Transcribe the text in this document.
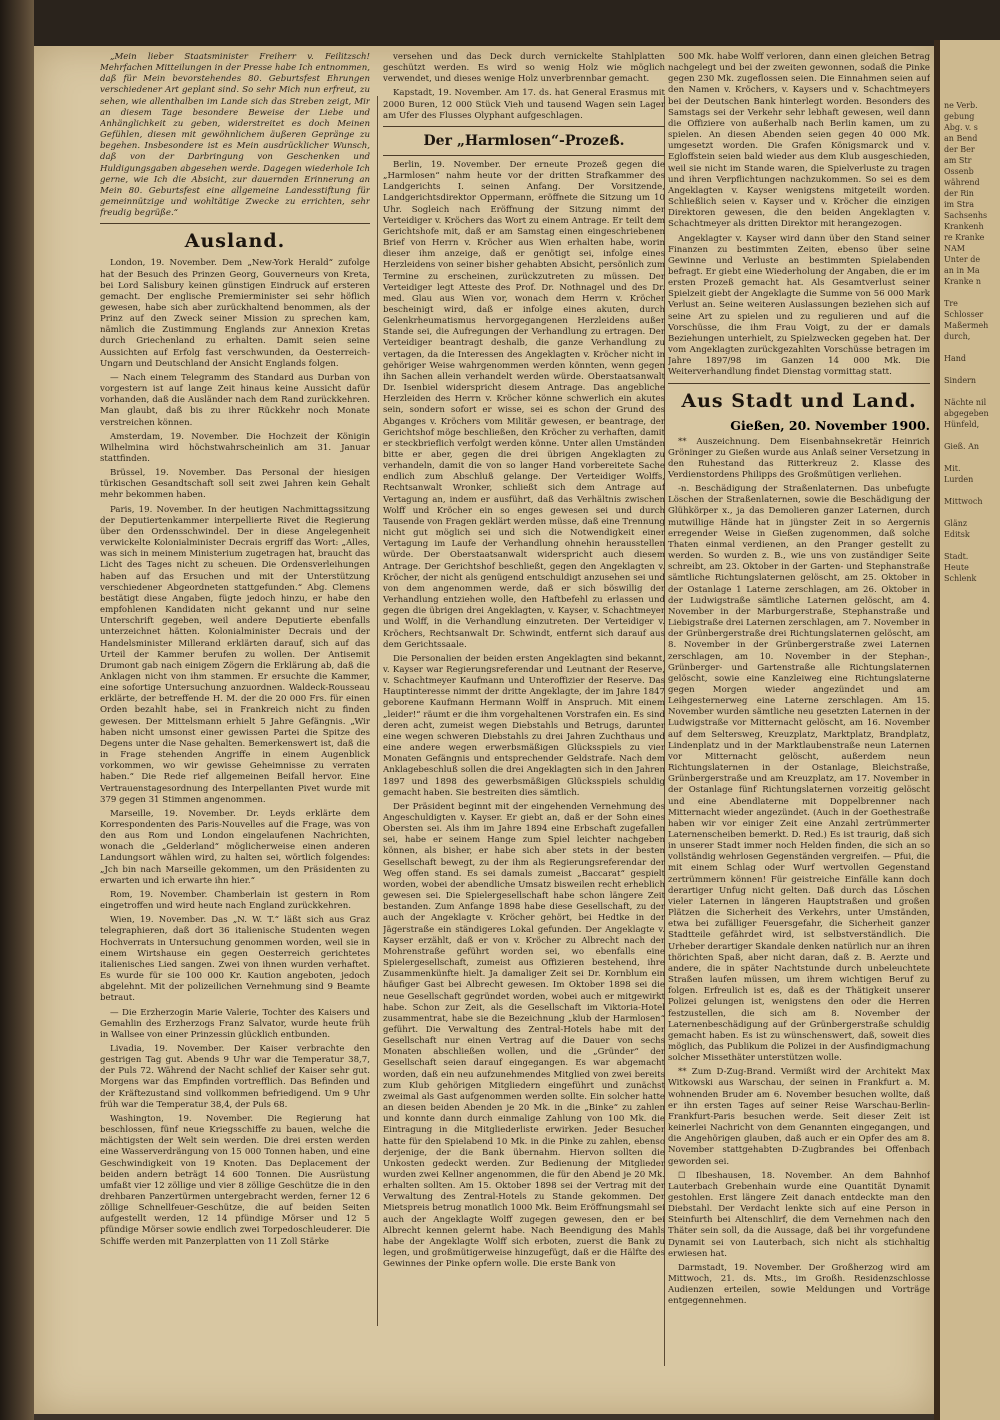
„Mein lieber Staatsminister Freiherr v. Feilitzsch! Mehrfachen Mitteilungen in der Presse habe Ich entnommen, daß für Mein bevorstehendes 80. Geburtsfest Ehrungen verschiedener Art geplant sind. So sehr Mich nun erfreut, zu sehen, wie allenthalben im Lande sich das Streben zeigt, Mir an diesem Tage besondere Beweise der Liebe und Anhänglichkeit zu geben, widerstreitet es doch Meinen Gefühlen, diesen mit gewöhnlichem äußeren Gepränge zu begehen. Insbesondere ist es Mein ausdrücklicher Wunsch, daß von der Darbringung von Geschenken und Huldigungsgaben abgesehen werde. Dagegen wiederhole Ich gerne, wie Ich die Absicht, zur dauernden Erinnerung an Mein 80. Geburtsfest eine allgemeine Landesstiftung für gemeinnützige und wohltätige Zwecke zu errichten, sehr freudig begrüße.“

Ausland.

London, 19. November. Dem „New-York Herald“ zufolge hat der Besuch des Prinzen Georg, Gouverneurs von Kreta, bei Lord Salisbury keinen günstigen Eindruck auf ersteren gemacht. Der englische Premierminister sei sehr höflich gewesen, habe sich aber zurückhaltend benommen, als der Prinz auf den Zweck seiner Mission zu sprechen kam, nämlich die Zustimmung Englands zur Annexion Kretas durch Griechenland zu erhalten. Damit seien seine Aussichten auf Erfolg fast verschwunden, da Oesterreich-Ungarn und Deutschland der Ansicht Englands folgen.

— Nach einem Telegramm des Standard aus Durban von vorgestern ist auf lange Zeit hinaus keine Aussicht dafür vorhanden, daß die Ausländer nach dem Rand zurückkehren. Man glaubt, daß bis zu ihrer Rückkehr noch Monate verstreichen können.

Amsterdam, 19. November. Die Hochzeit der Königin Wilhelmina wird höchstwahrscheinlich am 31. Januar stattfinden.

Brüssel, 19. November. Das Personal der hiesigen türkischen Gesandtschaft soll seit zwei Jahren kein Gehalt mehr bekommen haben.

Paris, 19. November. In der heutigen Nachmittagssitzung der Deputiertenkammer interpellierte Rivet die Regierung über den Ordensschwindel. Der in diese Angelegenheit verwickelte Kolonialminister Decrais ergriff das Wort: „Alles, was sich in meinem Ministerium zugetragen hat, braucht das Licht des Tages nicht zu scheuen. Die Ordensverleihungen haben auf das Ersuchen und mit der Unterstützung verschiedener Abgeordneten stattgefunden.“ Abg. Clemens bestätigt diese Angaben, fügte jedoch hinzu, er habe den empfohlenen Kandidaten nicht gekannt und nur seine Unterschrift gegeben, weil andere Deputierte ebenfalls unterzeichnet hätten. Kolonialminister Decrais und der Handelsminister Millerand erklärten darauf, sich auf das Urteil der Kammer berufen zu wollen. Der Antisemit Drumont gab nach einigem Zögern die Erklärung ab, daß die Anklagen nicht von ihm stammen. Er ersuchte die Kammer, eine sofortige Untersuchung anzuordnen. Waldeck-Rousseau erklärte, der betreffende H. M. der die 20 000 Frs. für einen Orden bezahlt habe, sei in Frankreich nicht zu finden gewesen. Der Mittelsmann erhielt 5 Jahre Gefängnis. „Wir haben nicht umsonst einer gewissen Partei die Spitze des Degens unter die Nase gehalten. Bemerkenswert ist, daß die in Frage stehenden Angriffe in einem Augenblick vorkommen, wo wir gewisse Geheimnisse zu verraten haben.“ Die Rede rief allgemeinen Beifall hervor. Eine Vertrauenstagesordnung des Interpellanten Pivet wurde mit 379 gegen 31 Stimmen angenommen.

Marseille, 19. November. Dr. Leyds erklärte dem Korrespondenten des Paris-Nouvelles auf die Frage, was von den aus Rom und London eingelaufenen Nachrichten, wonach die „Gelderland“ möglicherweise einen anderen Landungsort wählen wird, zu halten sei, wörtlich folgendes: „Jch bin nach Marseille gekommen, um den Präsidenten zu erwarten und ich erwarte ihn hier.“

Rom, 19. November. Chamberlain ist gestern in Rom eingetroffen und wird heute nach England zurückkehren.

Wien, 19. November. Das „N. W. T.“ läßt sich aus Graz telegraphieren, daß dort 36 italienische Studenten wegen Hochverrats in Untersuchung genommen worden, weil sie in einem Wirtshause ein gegen Oesterreich gerichtetes italienisches Lied sangen. Zwei von ihnen wurden verhaftet. Es wurde für sie 100 000 Kr. Kaution angeboten, jedoch abgelehnt. Mit der polizeilichen Vernehmung sind 9 Beamte betraut.

— Die Erzherzogin Marie Valerie, Tochter des Kaisers und Gemahlin des Erzherzogs Franz Salvator, wurde heute früh in Wallsee von einer Prinzessin glücklich entbunden.

Livadia, 19. November. Der Kaiser verbrachte den gestrigen Tag gut. Abends 9 Uhr war die Temperatur 38,7, der Puls 72. Während der Nacht schlief der Kaiser sehr gut. Morgens war das Empfinden vortrefflich. Das Befinden und der Kräftezustand sind vollkommen befriedigend. Um 9 Uhr früh war die Temperatur 38,4, der Puls 68.

Washington, 19. November. Die Regierung hat beschlossen, fünf neue Kriegsschiffe zu bauen, welche die mächtigsten der Welt sein werden. Die drei ersten werden eine Wasserverdrängung von 15 000 Tonnen haben, und eine Geschwindigkeit von 19 Knoten. Das Deplacement der beiden andern beträgt 14 600 Tonnen. Die Ausrüstung umfaßt vier 12 zöllige und vier 8 zöllige Geschütze die in den drehbaren Panzertürmen untergebracht werden, ferner 12 6 zöllige Schnellfeuer-Geschütze, die auf beiden Seiten aufgestellt werden, 12 14 pfündige Mörser und 12 5 pfündige Mörser sowie endlich zwei Torpedoschleuderer. Die Schiffe werden mit Panzerplatten von 11 Zoll Stärke

versehen und das Deck durch vernickelte Stahlplatten geschützt werden. Es wird so wenig Holz wie möglich verwendet, und dieses wenige Holz unverbrennbar gemacht.

Kapstadt, 19. November. Am 17. ds. hat General Erasmus mit 2000 Buren, 12 000 Stück Vieh und tausend Wagen sein Lager am Ufer des Flusses Olyphant aufgeschlagen.

Der „Harmlosen“-Prozeß.

Berlin, 19. November. Der erneute Prozeß gegen die „Harmlosen“ nahm heute vor der dritten Strafkammer des Landgerichts I. seinen Anfang. Der Vorsitzende, Landgerichtsdirektor Oppermann, eröffnete die Sitzung um 10 Uhr. Sogleich nach Eröffnung der Sitzung nimmt der Verteidiger v. Kröchers das Wort zu einem Antrage. Er teilt dem Gerichtshofe mit, daß er am Samstag einen eingeschriebenen Brief von Herrn v. Kröcher aus Wien erhalten habe, worin dieser ihm anzeige, daß er genötigt sei, infolge eines Herzleidens von seiner bisher gehabten Absicht, persönlich zum Termine zu erscheinen, zurückzutreten zu müssen. Der Verteidiger legt Atteste des Prof. Dr. Nothnagel und des Dr. med. Glau aus Wien vor, wonach dem Herrn v. Kröcher bescheinigt wird, daß er infolge eines akuten, durch Gelenkrheumatismus hervorgegangenen Herzleidens außer Stande sei, die Aufregungen der Verhandlung zu ertragen. Der Verteidiger beantragt deshalb, die ganze Verhandlung zu vertagen, da die Interessen des Angeklagten v. Kröcher nicht in gehöriger Weise wahrgenommen werden könnten, wenn gegen ihn Sachen allein verhandelt werden würde. Oberstaatsanwalt Dr. Isenbiel widerspricht diesem Antrage. Das angebliche Herzleiden des Herrn v. Kröcher könne schwerlich ein akutes sein, sondern sofort er wisse, sei es schon der Grund des Abganges v. Kröchers vom Militär gewesen, er beantrage, der Gerichtshof möge beschließen, den Kröcher zu verhaften, damit er steckbrieflich verfolgt werden könne. Unter allen Umständen bitte er aber, gegen die drei übrigen Angeklagten zu verhandeln, damit die von so langer Hand vorbereitete Sache endlich zum Abschluß gelange. Der Verteidiger Wolffs, Rechtsanwalt Wronker, schließt sich dem Antrage auf Vertagung an, indem er ausführt, daß das Verhältnis zwischen Wolff und Kröcher ein so enges gewesen sei und durch Tausende von Fragen geklärt werden müsse, daß eine Trennung nicht gut möglich sei und sich die Notwendigkeit einer Vertagung im Laufe der Verhandlung ohnehin herausstellen würde. Der Oberstaatsanwalt widerspricht auch diesem Antrage. Der Gerichtshof beschließt, gegen den Angeklagten v. Kröcher, der nicht als genügend entschuldigt anzusehen sei und von dem angenommen werde, daß er sich böswillig der Verhandlung entziehen wolle, den Haftbefehl zu erlassen und gegen die übrigen drei Angeklagten, v. Kayser, v. Schachtmeyer und Wolff, in die Verhandlung einzutreten. Der Verteidiger v. Kröchers, Rechtsanwalt Dr. Schwindt, entfernt sich darauf aus dem Gerichtssaale.

Die Personalien der beiden ersten Angeklagten sind bekannt, v. Kayser war Regierungsreferendar und Leutnant der Reserve, v. Schachtmeyer Kaufmann und Unteroffizier der Reserve. Das Hauptinteresse nimmt der dritte Angeklagte, der im Jahre 1847 geborene Kaufmann Hermann Wolff in Anspruch. Mit einem „leider!“ räumt er die ihm vorgehaltenen Vorstrafen ein. Es sind deren acht, zumeist wegen Diebstahls und Betrugs, darunter eine wegen schweren Diebstahls zu drei Jahren Zuchthaus und eine andere wegen erwerbsmäßigen Glücksspiels zu vier Monaten Gefängnis und entsprechender Geldstrafe. Nach dem Anklagebeschluß sollen die drei Angeklagten sich in den Jahren 1897 und 1898 des gewerbsmäßigen Glücksspiels schuldig gemacht haben. Sie bestreiten dies sämtlich.

Der Präsident beginnt mit der eingehenden Vernehmung des Angeschuldigten v. Kayser. Er giebt an, daß er der Sohn eines Obersten sei. Als ihm im Jahre 1894 eine Erbschaft zugefallen sei, habe er seinem Hange zum Spiel leichter nachgeben können, als bisher, er habe sich aber stets in der besten Gesellschaft bewegt, zu der ihm als Regierungsreferendar der Weg offen stand. Es sei damals zumeist „Baccarat“ gespielt worden, wobei der abendliche Umsatz bisweilen recht erheblich gewesen sei. Die Spielergesellschaft habe schon längere Zeit bestanden. Zum Anfange 1898 habe diese Gesellschaft, zu der auch der Angeklagte v. Kröcher gehört, bei Hedtke in der Jägerstraße ein ständigeres Lokal gefunden. Der Angeklagte v. Kayser erzählt, daß er von v. Kröcher zu Albrecht nach der Mohrenstraße geführt worden sei, wo ebenfalls eine Spielergesellschaft, zumeist aus Offizieren bestehend, ihre Zusammenkünfte hielt. Ja damaliger Zeit sei Dr. Kornblum ein häufiger Gast bei Albrecht gewesen. Im Oktober 1898 sei die neue Gesellschaft gegründet worden, wobei auch er mitgewirkt habe. Schon zur Zeit, als die Gesellschaft im Viktoria-Hotel zusammentrat, habe sie die Bezeichnung „klub der Harmlosen“ geführt. Die Verwaltung des Zentral-Hotels habe mit der Gesellschaft nur einen Vertrag auf die Dauer von sechs Monaten abschließen wollen, und die „Gründer“ der Gesellschaft seien darauf eingegangen. Es war abgemacht worden, daß ein neu aufzunehmendes Mitglied von zwei bereits zum Klub gehörigen Mitgliedern eingeführt und zunächst zweimal als Gast aufgenommen werden sollte. Ein solcher hatte an diesen beiden Abenden je 20 Mk. in die „Binke“ zu zahlen und konnte dann durch einmalige Zahlung von 100 Mk. die Eintragung in die Mitgliederliste erwirken. Jeder Besucher hatte für den Spielabend 10 Mk. in die Pinke zu zahlen, ebenso derjenige, der die Bank übernahm. Hiervon sollten die Unkosten gedeckt werden. Zur Bedienung der Mitglieder wurden zwei Kellner angenommen, die für den Abend je 20 Mk. erhalten sollten. Am 15. Oktober 1898 sei der Vertrag mit der Verwaltung des Zentral-Hotels zu Stande gekommen. Der Mietspreis betrug monatlich 1000 Mk. Beim Eröffnungsmahl sei auch der Angeklagte Wolff zugegen gewesen, den er bei Albrecht kennen gelernt habe. Nach Beendigung des Mahls habe der Angeklagte Wolff sich erboten, zuerst die Bank zu legen, und großmütigerweise hinzugefügt, daß er die Hälfte des Gewinnes der Pinke opfern wolle. Die erste Bank von

500 Mk. habe Wolff verloren, dann einen gleichen Betrag nachgelegt und bei der zweiten gewonnen, sodaß die Pinke gegen 230 Mk. zugeflossen seien. Die Einnahmen seien auf den Namen v. Kröchers, v. Kaysers und v. Schachtmeyers bei der Deutschen Bank hinterlegt worden. Besonders des Samstags sei der Verkehr sehr lebhaft gewesen, weil dann die Offiziere von außerhalb nach Berlin kamen, um zu spielen. An diesen Abenden seien gegen 40 000 Mk. umgesetzt worden. Die Grafen Königsmarck und v. Egloffstein seien bald wieder aus dem Klub ausgeschieden, weil sie nicht im Stande waren, die Spielverluste zu tragen und ihren Verpflichtungen nachzukommen. So sei es dem Angeklagten v. Kayser wenigstens mitgeteilt worden. Schließlich seien v. Kayser und v. Kröcher die einzigen Direktoren gewesen, die den beiden Angeklagten v. Schachtmeyer als dritten Direktor mit herangezogen.

Angeklagter v. Kayser wird dann über den Stand seiner Finanzen zu bestimmten Zeiten, ebenso über seine Gewinne und Verluste an bestimmten Spielabenden befragt. Er giebt eine Wiederholung der Angaben, die er im ersten Prozeß gemacht hat. Als Gesamtverlust seiner Spielzeit giebt der Angeklagte die Summe von 56 000 Mark Verlust an. Seine weiteren Auslassungen beziehen sich auf seine Art zu spielen und zu regulieren und auf die Vorschüsse, die ihm Frau Voigt, zu der er damals Beziehungen unterhielt, zu Spielzwecken gegeben hat. Der vom Angeklagten zurückgezahlten Vorschüsse betragen im Jahre 1897/98 im Ganzen 14 000 Mk. Die Weiterverhandlung findet Dienstag vormittag statt.

Aus Stadt und Land.
Gießen, 20. November 1900.

** Auszeichnung. Dem Eisenbahnsekretär Heinrich Gröninger zu Gießen wurde aus Anlaß seiner Versetzung in den Ruhestand das Ritterkreuz 2. Klasse des Verdienstordens Philipps des Großmütigen verliehen.

-n. Beschädigung der Straßenlaternen. Das unbefugte Löschen der Straßenlaternen, sowie die Beschädigung der Glühkörper x., ja das Demolieren ganzer Laternen, durch mutwillige Hände hat in jüngster Zeit in so Aergernis erregender Weise in Gießen zugenommen, daß solche Thaten einmal verdienen, an den Pranger gestellt zu werden. So wurden z. B., wie uns von zuständiger Seite schreibt, am 23. Oktober in der Garten- und Stephanstraße sämtliche Richtungslaternen gelöscht, am 25. Oktober in der Ostanlage 1 Laterne zerschlagen, am 26. Oktober in der Ludwigstraße sämtliche Laternen gelöscht, am 4. November in der Marburgerstraße, Stephanstraße und Liebigstraße drei Laternen zerschlagen, am 7. November in der Grünbergerstraße drei Richtungslaternen gelöscht, am 8. November in der Grünbergerstraße zwei Laternen zerschlagen, am 10. November in der Stephan-, Grünberger- und Gartenstraße alle Richtungslaternen gelöscht, sowie eine Kanzleiweg eine Richtungslaterne gegen Morgen wieder angezündet und am Leihgesternerweg eine Laterne zerschlagen. Am 15. November wurden sämtliche neu gesetzten Laternen in der Ludwigstraße vor Mitternacht gelöscht, am 16. November auf dem Seltersweg, Kreuzplatz, Marktplatz, Brandplatz, Lindenplatz und in der Marktlaubenstraße neun Laternen vor Mitternacht gelöscht, außerdem neun Richtungslaternen in der Ostanlage, Bleichstraße, Grünbergerstraße und am Kreuzplatz, am 17. November in der Ostanlage fünf Richtungslaternen vorzeitig gelöscht und eine Abendlaterne mit Doppelbrenner nach Mitternacht wieder angezündet. (Auch in der Goethestraße haben wir vor einiger Zeit eine Anzahl zertrümmerter Laternenscheiben bemerkt. D. Red.) Es ist traurig, daß sich in unserer Stadt immer noch Helden finden, die sich an so vollständig wehrlosen Gegenständen vergreifen. — Pfui, die mit einem Schlag oder Wurf wertvollen Gegenstand zertrümmern können! Für geistreiche Einfälle kann doch derartiger Unfug nicht gelten. Daß durch das Löschen vieler Laternen in längeren Hauptstraßen und großen Plätzen die Sicherheit des Verkehrs, unter Umständen, etwa bei zufälliger Feuersgefahr, die Sicherheit ganzer Stadtteile gefährdet wird, ist selbstverständlich. Die Urheber derartiger Skandale denken natürlich nur an ihren thörichten Spaß, aber nicht daran, daß z. B. Aerzte und andere, die in später Nachtstunde durch unbeleuchtete Straßen laufen müssen, um ihrem wichtigen Beruf zu folgen. Erfreulich ist es, daß es der Thätigkeit unserer Polizei gelungen ist, wenigstens den oder die Herren festzustellen, die sich am 8. November der Laternenbeschädigung auf der Grünbergerstraße schuldig gemacht haben. Es ist zu wünschenswert, daß, soweit dies möglich, das Publikum die Polizei in der Ausfindigmachung solcher Missethäter unterstützen wolle.

** Zum D-Zug-Brand. Vermißt wird der Architekt Max Witkowski aus Warschau, der seinen in Frankfurt a. M. wohnenden Bruder am 6. November besuchen wollte, daß er ihn ersten Tages auf seiner Reise Warschau-Berlin-Frankfurt-Paris besuchen werde. Seit dieser Zeit ist keinerlei Nachricht von dem Genannten eingegangen, und die Angehörigen glauben, daß auch er ein Opfer des am 8. November stattgehabten D-Zugbrandes bei Offenbach geworden sei.

☐ Ilbeshausen, 18. November. An dem Bahnhof Lauterbach Grebenhain wurde eine Quantität Dynamit gestohlen. Erst längere Zeit danach entdeckte man den Diebstahl. Der Verdacht lenkte sich auf eine Person in Steinfurth bei Altenschlirf, die dem Vernehmen nach den Thäter sein soll, da die Aussage, daß bei ihr vorgefundene Dynamit sei von Lauterbach, sich nicht als stichhaltig erwiesen hat.

Darmstadt, 19. November. Der Großherzog wird am Mittwoch, 21. ds. Mts., im Großh. Residenzschlosse Audienzen erteilen, sowie Meldungen und Vorträge entgegennehmen.

ne Verb.
gebung
Abg. v. s
an Bend
der Ber
am Str
Ossenb
während
der Rin
im Stra
Sachsenhs
Krankenh
re Kranke
NAM
Unter de
an in Ma
Kranke n

Tre
Schlosser
Maßermeh
durch,

Hand

Sindern

Nächte nil
abgegeben
Hünfeld,

Gieß. An

Mit.
Lurden

Mittwoch

Glänz
Editsk

Stadt.
Heute
Schlenk
